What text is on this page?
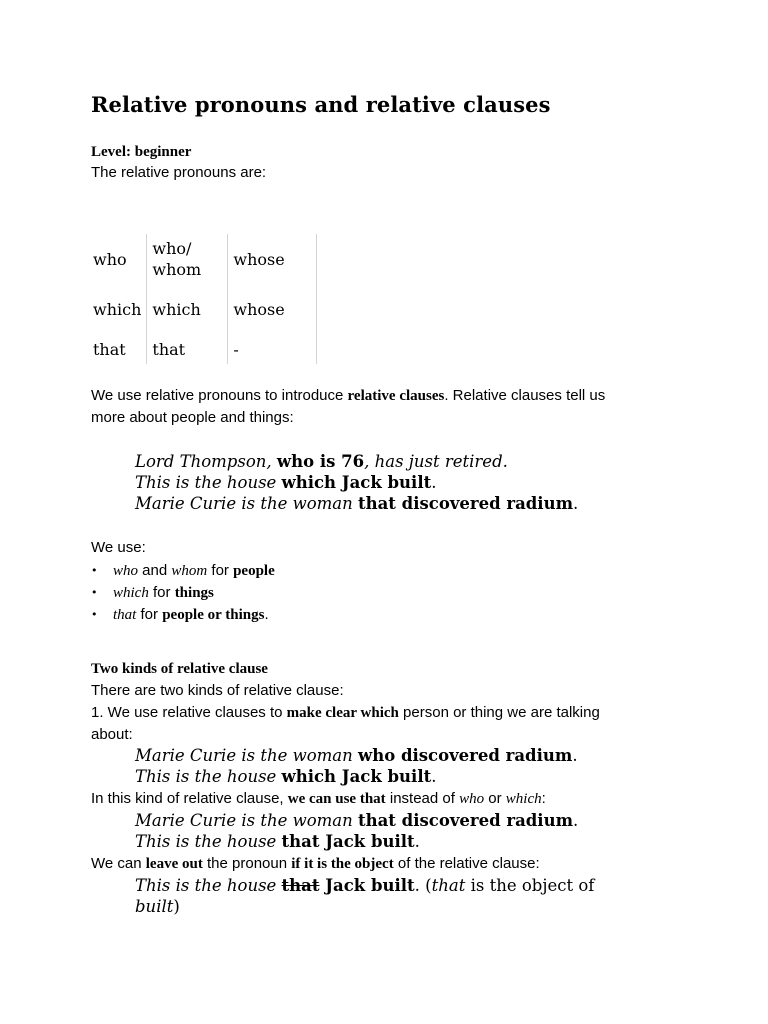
Relative pronouns and relative clauses
Level: beginner
The relative pronouns are:
who	who/ whom	whose	
which	which	whose	
that	that	-	
We use relative pronouns to introduce relative clauses. Relative clauses tell us
more about people and things:
Lord Thompson, who is 76, has just retired.
This is the house which Jack built.
Marie Curie is the woman that discovered radium.
We use:
• who and whom for people
• which for things
• that for people or things.
Two kinds of relative clause
There are two kinds of relative clause:
1. We use relative clauses to make clear which person or thing we are talking
about:
Marie Curie is the woman who discovered radium.
This is the house which Jack built.
In this kind of relative clause, we can use that instead of who or which:
Marie Curie is the woman that discovered radium.
This is the house that Jack built.
We can leave out the pronoun if it is the object of the relative clause:
This is the house that Jack built. (that is the object of
built)
